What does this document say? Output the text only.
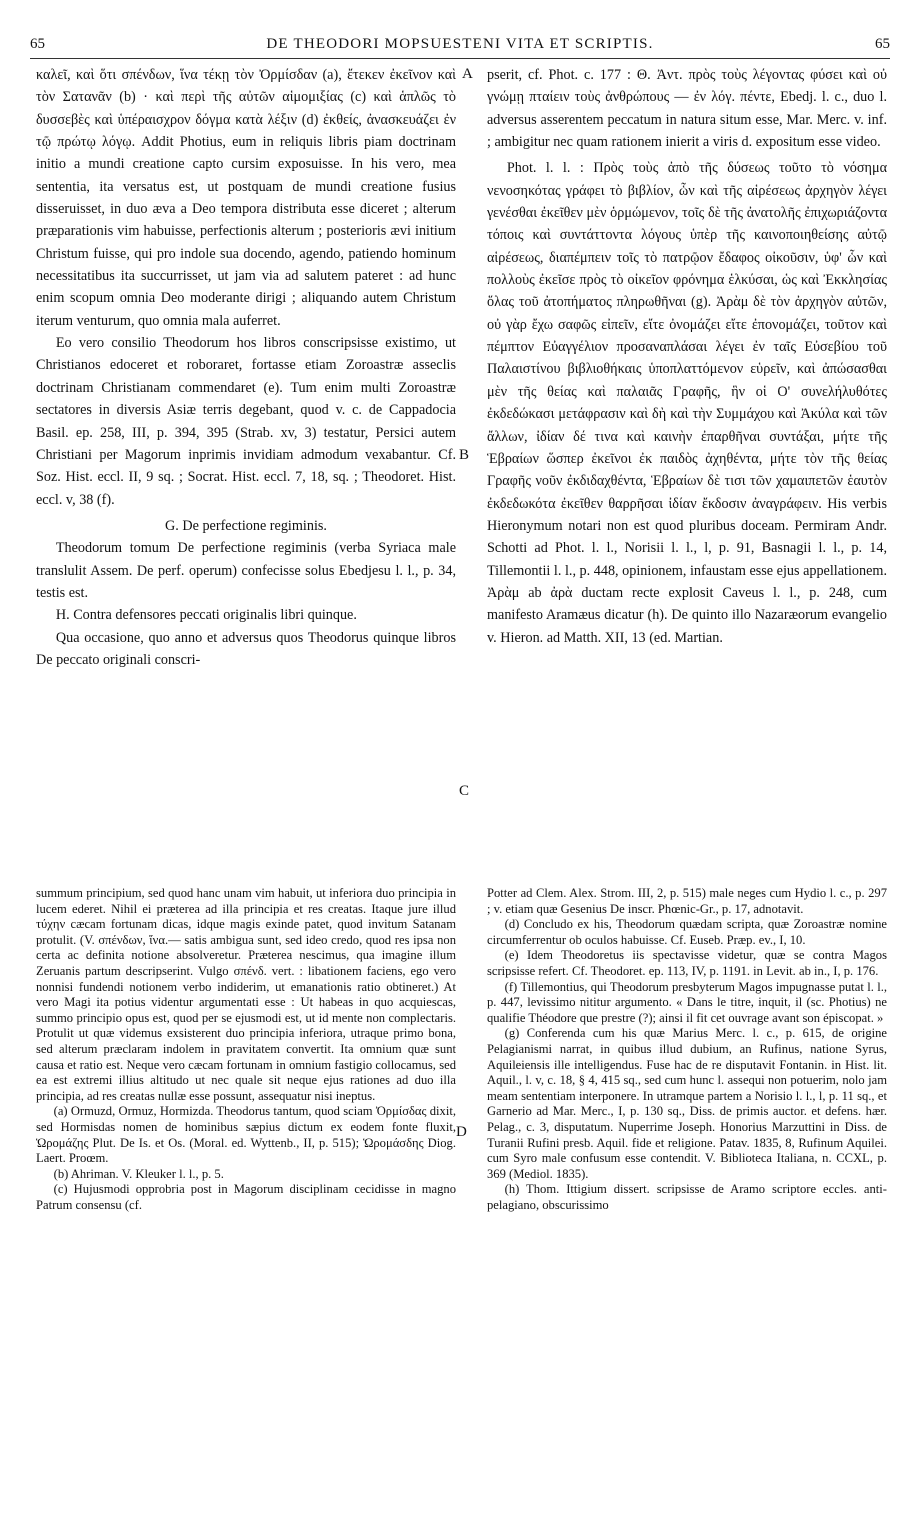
65	DE THEODORI MOPSUESTENI VITA ET SCRIPTIS.	65

καλεῖ, καὶ ὅτι σπένδων, ἵνα τέκῃ τὸν Ὀρμίσδαν (a), ἔτεκεν ἐκεῖνον καὶ τὸν Σατανᾶν (b) · καὶ περὶ τῆς αὐτῶν αἱμομιξίας (c) καὶ ἁπλῶς τὸ δυσσεβὲς καὶ ὑπέραισχρον δόγμα κατὰ λέξιν (d) ἐκθείς, ἀνασκευάζει ἐν τῷ πρώτῳ λόγῳ. Addit Photius, eum in reliquis libris piam doctrinam initio a mundi creatione capto cursim exposuisse. In his vero, mea sententia, ita versatus est, ut postquam de mundi creatione fusius disseruisset, in duo ævа a Deo tempora distributa esse diceret ; alterum præparationis vim habuisse, perfectionis alterum ; posterioris ævi initium Christum fuisse, qui pro indole sua docendo, agendo, patiendo hominum necessitatibus ita succurrisset, ut jam via ad salutem pateret : ad hunc enim scopum omnia Deo moderante dirigi ; aliquando autem Christum iterum venturum, quo omnia mala auferret.

Eo vero consilio Theodorum hos libros conscripsisse existimo, ut Christianos edoceret et roboraret, fortasse etiam Zoroastræ asseclis doctrinam Christianam commendaret (e). Tum enim multi Zoroastræ sectatores in diversis Asiæ terris degebant, quod v. c. de Cappadocia Basil. ep. 258, III, p. 394, 395 (Strab. xv, 3) testatur, Persici autem Christiani per Magorum inprimis invidiam admodum vexabantur. Cf. Soz. Hist. eccl. II, 9 sq. ; Socrat. Hist. eccl. 7, 18, sq. ; Theodoret. Hist. eccl. v, 38 (f).

G. De perfectione regiminis.

Theodorum tomum De perfectione regiminis (verba Syriaca male translulit Assem. De perf. operum) confecisse solus Ebedjesu l. l., p. 34, testis est.

H. Contra defensores peccati originalis libri quinque.

Qua occasione, quo anno et adversus quos Theodorus quinque libros De peccato originali conscri-

pserit, cf. Phot. c. 177 : Θ. Ἀντ. πρὸς τοὺς λέγοντας φύσει καὶ οὐ γνώμῃ πταίειν τοὺς ἀνθρώπους — ἐν λόγ. πέντε, Ebedj. l. c., duo l. adversus asserentem peccatum in natura situm esse, Mar. Merc. v. inf. ; ambigitur nec quam rationem inierit a viris d. expositum esse video.

Phot. l. l. : Πρὸς τοὺς ἀπὸ τῆς δύσεως τοῦτο τὸ νόσημα νενοσηκότας γράφει τὸ βιβλίον, ὧν καὶ τῆς αἱρέσεως ἀρχηγὸν λέγει γενέσθαι ἐκεῖθεν μὲν ὁρμώμενον, τοῖς δὲ τῆς ἀνατολῆς ἐπιχωριάζοντα τόποις καὶ συντάττοντα λόγους ὑπὲρ τῆς καινοποιηθείσης αὐτῷ αἱρέσεως, διαπέμπειν τοῖς τὸ πατρῷον ἔδαφος οἰκοῦσιν, ὑφ' ὧν καὶ πολλοὺς ἐκεῖσε πρὸς τὸ οἰκεῖον φρόνημα ἑλκύσαι, ὡς καὶ Ἐκκλησίας ὅλας τοῦ ἀτοπήματος πληρωθῆναι (g). Ἀρὰμ δὲ τὸν ἀρχηγὸν αὐτῶν, οὐ γὰρ ἔχω σαφῶς εἰπεῖν, εἴτε ὀνομάζει εἴτε ἐπονομάζει, τοῦτον καὶ πέμπτον Εὐαγγέλιον προσαναπλάσαι λέγει ἐν ταῖς Εὐσεβίου τοῦ Παλαιστίνου βιβλιοθήκαις ὑποπλαττόμενον εὑρεῖν, καὶ ἀπώσασθαι μὲν τῆς θείας καὶ παλαιᾶς Γραφῆς, ἣν οἱ Ο' συνελήλυθότες ἐκδεδώκασι μετάφρασιν καὶ δὴ καὶ τὴν Συμμάχου καὶ Ἀκύλα καὶ τῶν ἄλλων, ἰδίαν δέ τινα καὶ καινὴν ἐπαρθῆναι συντάξαι, μήτε τῆς Ἑβραίων ὥσπερ ἐκεῖνοι ἐκ παιδὸς ἀχηθέντα, μήτε τὸν τῆς θείας Γραφῆς νοῦν ἐκδιδαχθέντα, Ἑβραίων δὲ τισι τῶν χαμαιπετῶν ἑαυτὸν ἐκδεδωκότα ἐκεῖθεν θαρρῆσαι ἰδίαν ἔκδοσιν ἀναγράφειν. His verbis Hieronymum notari non est quod pluribus doceam. Permiram Andr. Schotti ad Phot. l. l., Norisii l. l., l, p. 91, Basnagii l. l., p. 14, Tillemontii l. l., p. 448, opinionem, infaustam esse ejus appellationem. Ἀρὰμ ab ἀρὰ ductam recte explosit Caveus l. l., p. 248, cum manifesto Aramæus dicatur (h). De quinto illo Nazaræorum evangelio v. Hieron. ad Matth. XII, 13 (ed. Martian.

A
B
C
D

summum principium, sed quod hanc unam vim habuit, ut inferiora duo principia in lucem ederet. Nihil ei præterea ad illa principia et res creatas. Itaque jure illud τύχην cæcam fortunam dicas, idque magis exinde patet, quod invitum Satanam protulit. (V. σπένδων, ἵνα.— satis ambigua sunt, sed ideo credo, quod res ipsa non certa ac definita notione absolveretur. Præterea nescimus, qua imagine illum Zeruanis partum descripserint. Vulgo σπένδ. vert. : libationem faciens, ego vero nonnisi fundendi notionem verbo indiderim, ut emanationis ratio obtineret.) At vero Magi ita potius videntur argumentati esse : Ut habeas in quo acquiescas, summo principio opus est, quod per se ejusmodi est, ut id mente non complectaris. Protulit ut quæ videmus exsisterent duo principia inferiora, utraque primo bona, sed alterum præclaram indolem in pravitatem convertit. Ita omnium quæ sunt causa et ratio est. Neque vero cæcam fortunam in omnium fastigio collocamus, sed ea est extremi illius altitudo ut nec quale sit neque ejus rationes ad duo illa principia, ad res creatas nullæ esse possunt, assequatur nisi ineptus.

(a) Ormuzd, Ormuz, Hormizda. Theodorus tantum, quod sciam Ὀρμίσδας dixit, sed Hormisdas nomen de hominibus sæpius dictum ex eodem fonte fluxit, Ὡρομάζης Plut. De Is. et Os. (Moral. ed. Wyttenb., II, p. 515); Ὡρομάσδης Diog. Laert. Proœm.

(b) Ahriman. V. Kleuker l. l., p. 5.

(c) Hujusmodi opprobria post in Magorum disciplinam cecidisse in magno Patrum consensu (cf.

Potter ad Clem. Alex. Strom. III, 2, p. 515) male neges cum Hydio l. c., p. 297 ; v. etiam quæ Gesenius De inscr. Phœnic-Gr., p. 17, adnotavit.

(d) Concludo ex his, Theodorum quædam scripta, quæ Zoroastræ nomine circumferrentur ob oculos habuisse. Cf. Euseb. Præp. ev., I, 10.

(e) Idem Theodoretus iis spectavisse videtur, quæ se contra Magos scripsisse refert. Cf. Theodoret. ep. 113, IV, p. 1191. in Levit. ab in., I, p. 176.

(f) Tillemontius, qui Theodorum presbyterum Magos impugnasse putat l. l., p. 447, levissimo nititur argumento. « Dans le titre, inquit, il (sc. Photius) ne qualifie Théodore que prestre (?); ainsi il fit cet ouvrage avant son épiscopat. »

(g) Conferenda cum his quæ Marius Merc. l. c., p. 615, de origine Pelagianismi narrat, in quibus illud dubium, an Rufinus, natione Syrus, Aquileiensis ille intelligendus. Fuse hac de re disputavit Fontanin. in Hist. lit. Aquil., l. v, c. 18, § 4, 415 sq., sed cum hunc l. assequi non potuerim, nolo jam meam sententiam interponere. In utramque partem a Norisio l. l., l, p. 11 sq., et Garnerio ad Mar. Merc., I, p. 130 sq., Diss. de primis auctor. et defens. hær. Pelag., c. 3, disputatum. Nuperrime Joseph. Honorius Marzuttini in Diss. de Turanii Rufini presb. Aquil. fide et religione. Patav. 1835, 8, Rufinum Aquilei. cum Syro male confusum esse contendit. V. Biblioteca Italiana, n. CCXL, p. 369 (Mediol. 1835).

(h) Thom. Ittigium dissert. scripsisse de Aramo scriptore eccles. anti-pelagiano, obscurissimo
